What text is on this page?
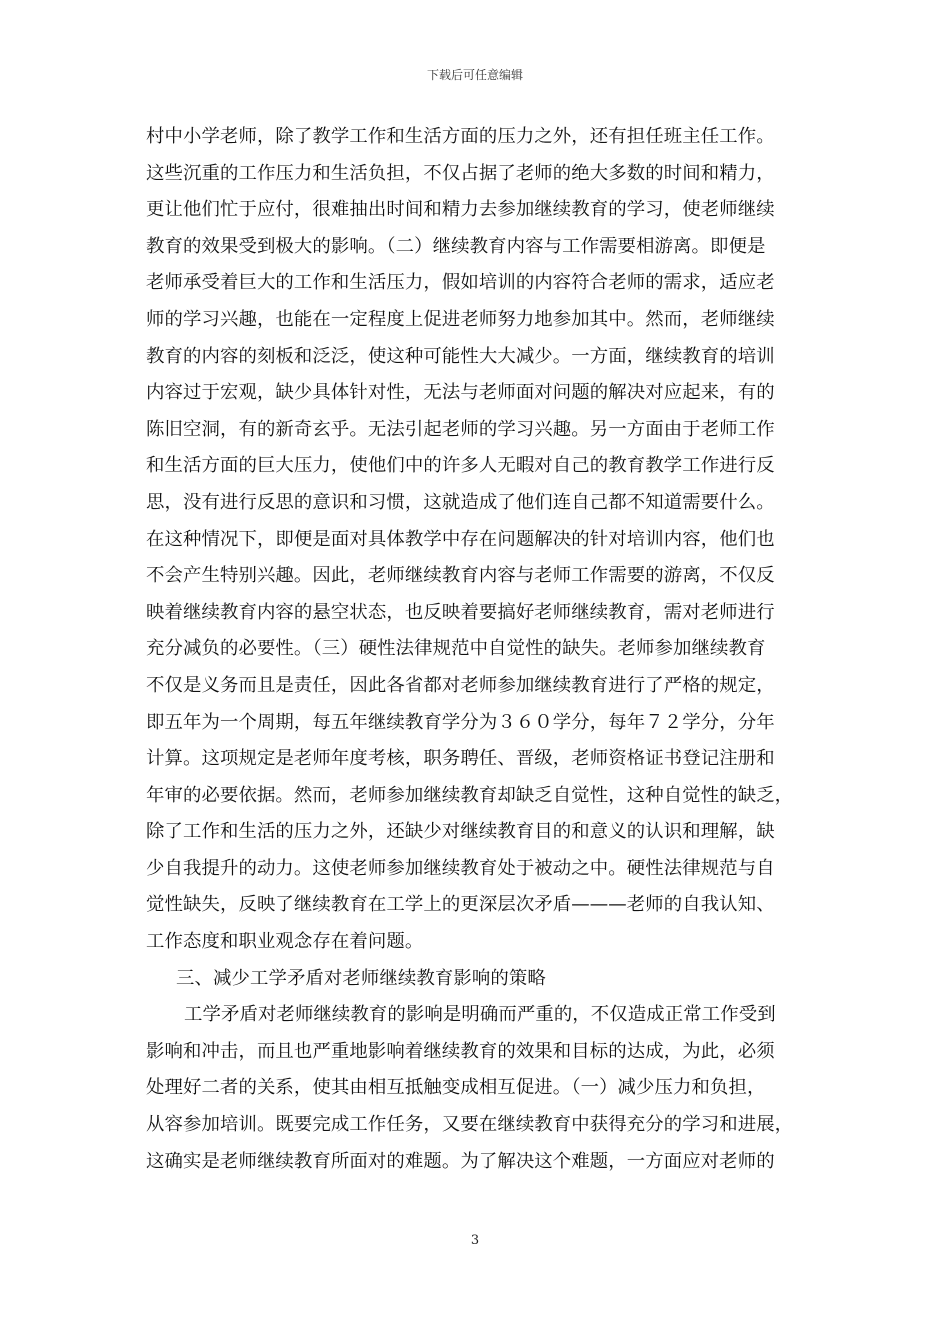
下载后可任意编辑
村中小学老师，除了教学工作和生活方面的压力之外，还有担任班主任工作。
这些沉重的工作压力和生活负担，不仅占据了老师的绝大多数的时间和精力，
更让他们忙于应付，很难抽出时间和精力去参加继续教育的学习，使老师继续
教育的效果受到极大的影响。（二）继续教育内容与工作需要相游离。即便是
老师承受着巨大的工作和生活压力，假如培训的内容符合老师的需求，适应老
师的学习兴趣，也能在一定程度上促进老师努力地参加其中。然而，老师继续
教育的内容的刻板和泛泛，使这种可能性大大减少。一方面，继续教育的培训
内容过于宏观，缺少具体针对性，无法与老师面对问题的解决对应起来，有的
陈旧空洞，有的新奇玄乎。无法引起老师的学习兴趣。另一方面由于老师工作
和生活方面的巨大压力，使他们中的许多人无暇对自己的教育教学工作进行反
思，没有进行反思的意识和习惯，这就造成了他们连自己都不知道需要什么。
在这种情况下，即便是面对具体教学中存在问题解决的针对培训内容，他们也
不会产生特别兴趣。因此，老师继续教育内容与老师工作需要的游离，不仅反
映着继续教育内容的悬空状态，也反映着要搞好老师继续教育，需对老师进行
充分减负的必要性。（三）硬性法律规范中自觉性的缺失。老师参加继续教育
不仅是义务而且是责任，因此各省都对老师参加继续教育进行了严格的规定，
即五年为一个周期，每五年继续教育学分为３６０学分，每年７２学分，分年
计算。这项规定是老师年度考核，职务聘任、晋级，老师资格证书登记注册和
年审的必要依据。然而，老师参加继续教育却缺乏自觉性，这种自觉性的缺乏，
除了工作和生活的压力之外，还缺少对继续教育目的和意义的认识和理解，缺
少自我提升的动力。这使老师参加继续教育处于被动之中。硬性法律规范与自
觉性缺失，反映了继续教育在工学上的更深层次矛盾———老师的自我认知、
工作态度和职业观念存在着问题。
三、减少工学矛盾对老师继续教育影响的策略
工学矛盾对老师继续教育的影响是明确而严重的，不仅造成正常工作受到
影响和冲击，而且也严重地影响着继续教育的效果和目标的达成，为此，必须
处理好二者的关系，使其由相互抵触变成相互促进。（一）减少压力和负担，
从容参加培训。既要完成工作任务，又要在继续教育中获得充分的学习和进展，
这确实是老师继续教育所面对的难题。为了解决这个难题，一方面应对老师的
3
